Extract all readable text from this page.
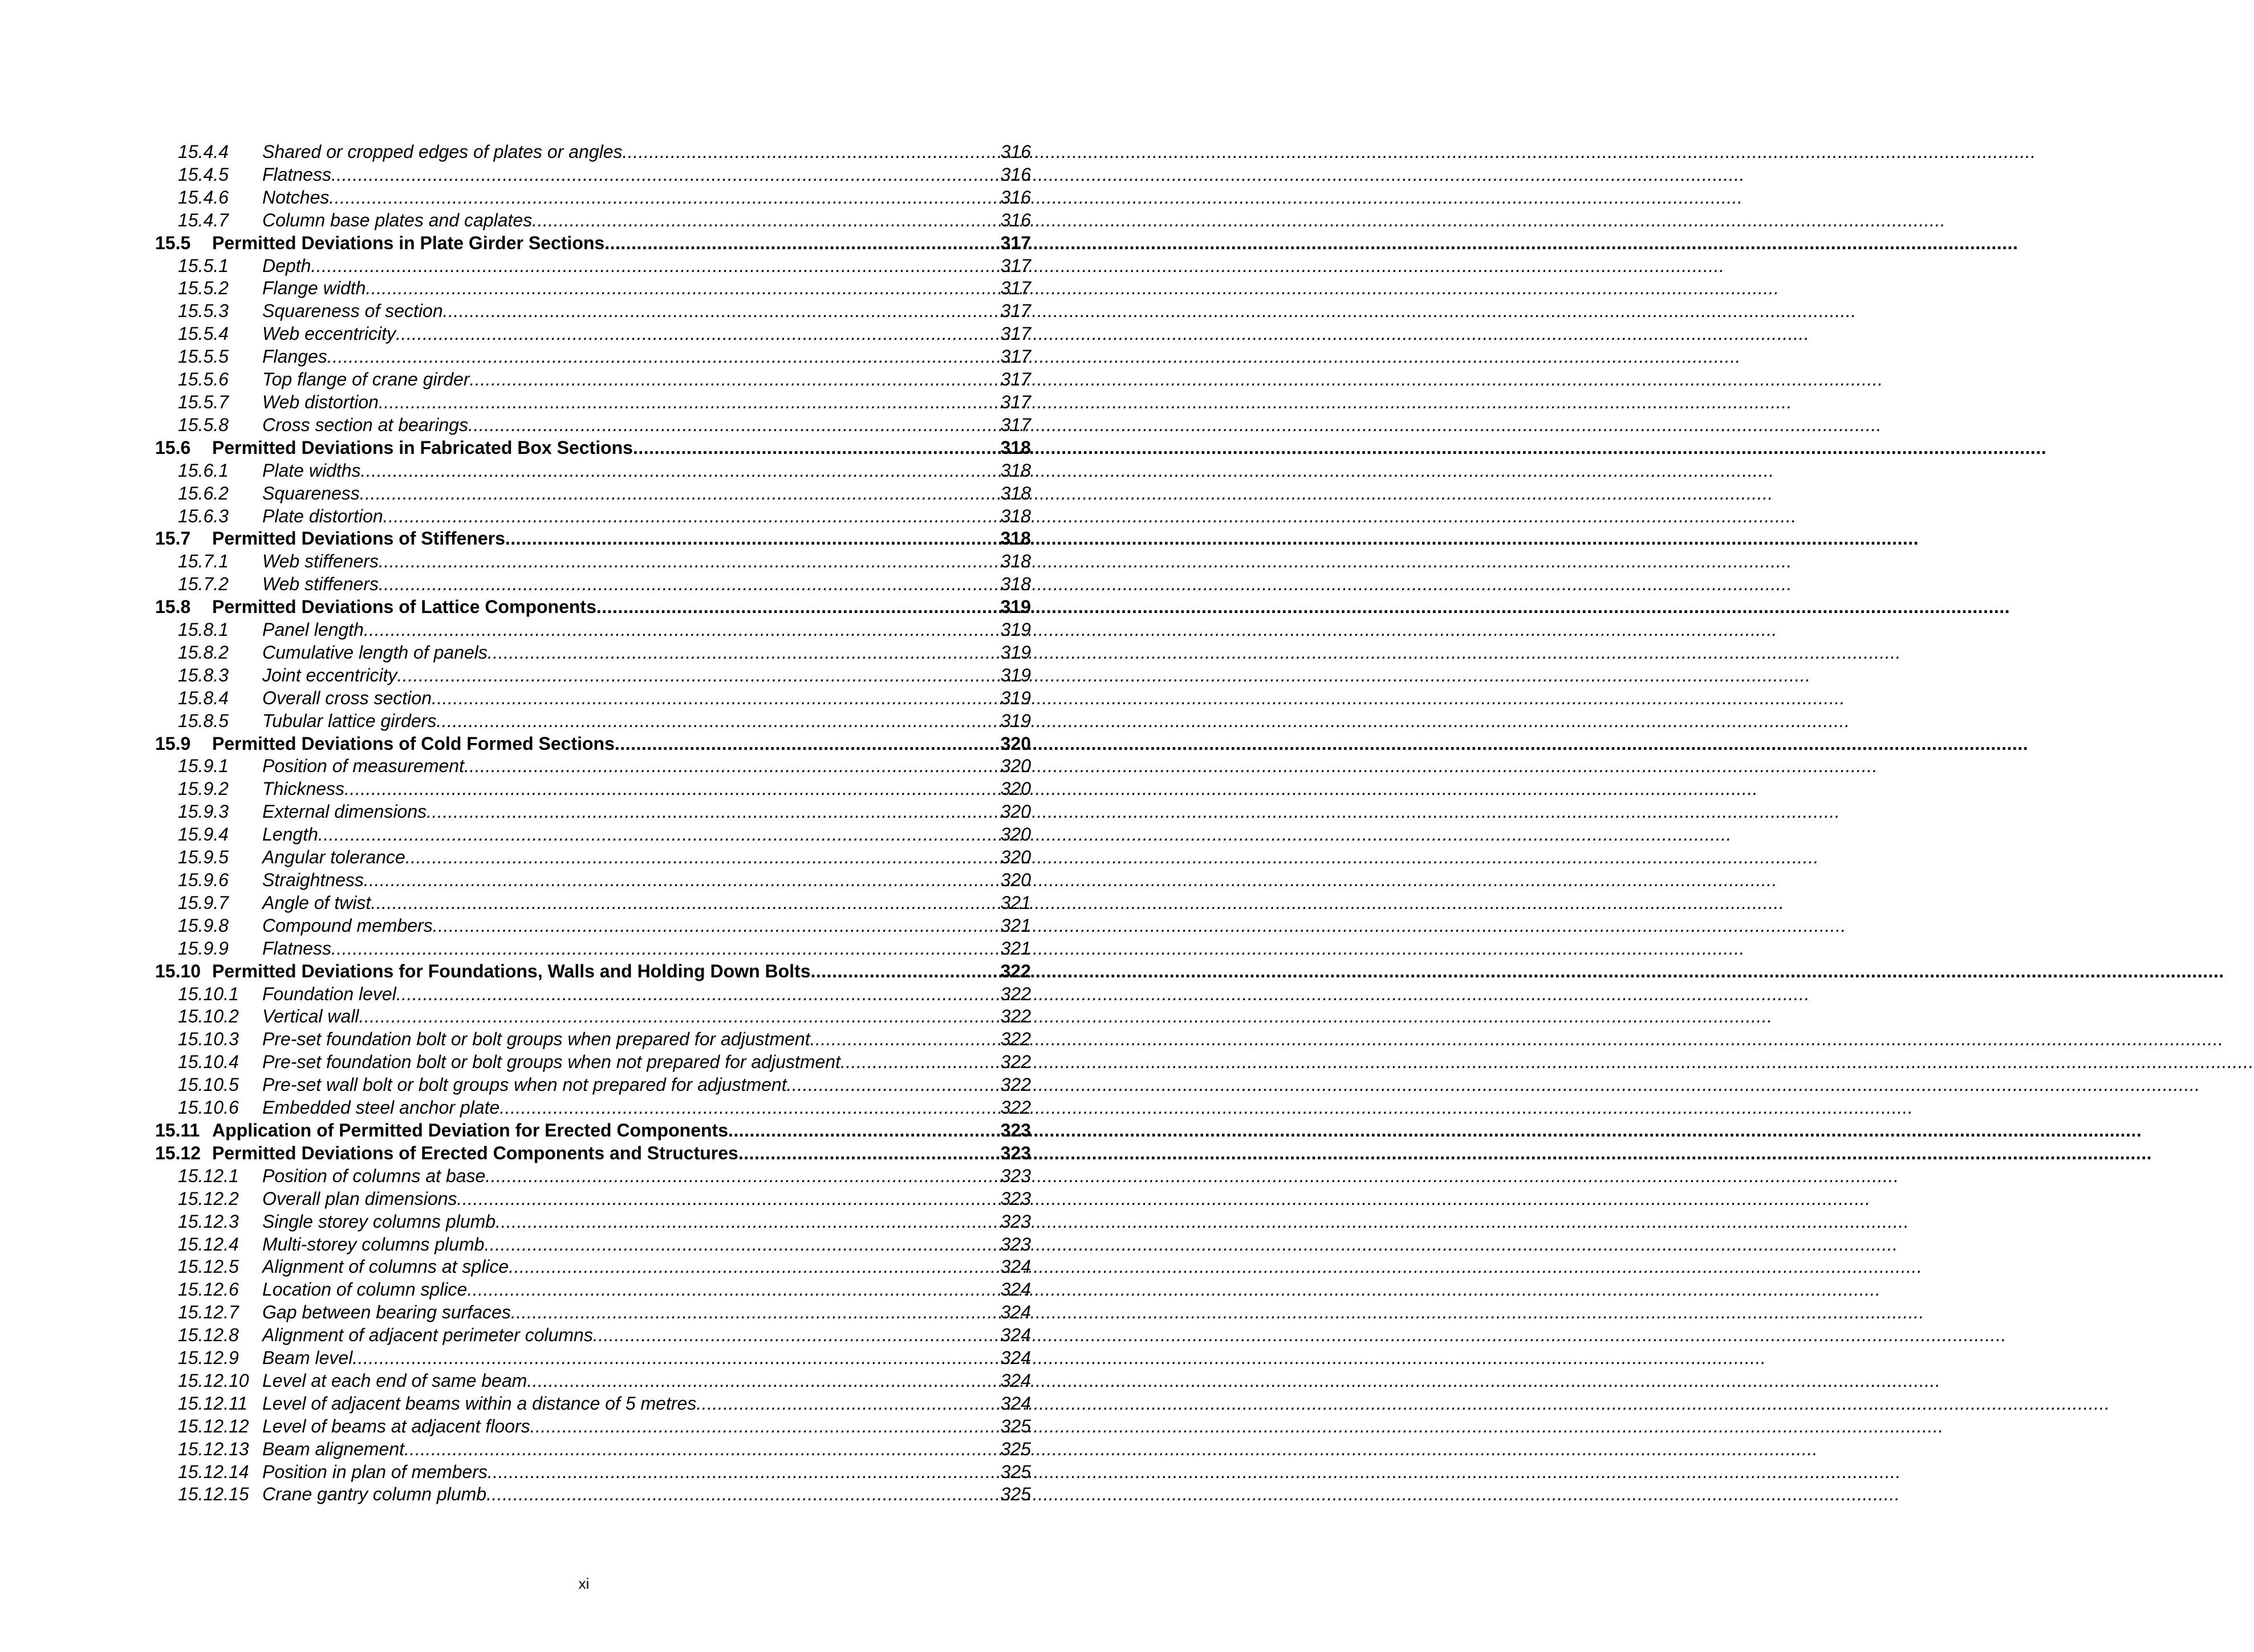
15.4.4	Shared or cropped edges of plates or angles .....	316
15.4.5	Flatness .....	316
15.4.6	Notches .....	316
15.4.7	Column base plates and caplates .....	316
15.5	Permitted Deviations in Plate Girder Sections .....	317
15.5.1	Depth .....	317
15.5.2	Flange width .....	317
15.5.3	Squareness of section .....	317
15.5.4	Web eccentricity .....	317
15.5.5	Flanges .....	317
15.5.6	Top flange of crane girder .....	317
15.5.7	Web distortion .....	317
15.5.8	Cross section at bearings .....	317
15.6	Permitted Deviations in Fabricated Box Sections .....	318
15.6.1	Plate widths .....	318
15.6.2	Squareness .....	318
15.6.3	Plate distortion .....	318
15.7	Permitted Deviations of Stiffeners .....	318
15.7.1	Web stiffeners .....	318
15.7.2	Web stiffeners .....	318
15.8	Permitted Deviations of Lattice Components .....	319
15.8.1	Panel length .....	319
15.8.2	Cumulative length of panels .....	319
15.8.3	Joint eccentricity .....	319
15.8.4	Overall cross section .....	319
15.8.5	Tubular lattice girders .....	319
15.9	Permitted Deviations of Cold Formed Sections .....	320
15.9.1	Position of measurement .....	320
15.9.2	Thickness .....	320
15.9.3	External dimensions .....	320
15.9.4	Length .....	320
15.9.5	Angular tolerance .....	320
15.9.6	Straightness .....	320
15.9.7	Angle of twist .....	321
15.9.8	Compound members .....	321
15.9.9	Flatness .....	321
15.10 Permitted Deviations for Foundations, Walls and Holding Down Bolts .....	322
15.10.1	Foundation level .....	322
15.10.2	Vertical wall .....	322
15.10.3	Pre-set foundation bolt or bolt groups when prepared for adjustment .....	322
15.10.4	Pre-set foundation bolt or bolt groups when not prepared for adjustment .....	322
15.10.5	Pre-set wall bolt or bolt groups when not prepared for adjustment .....	322
15.10.6	Embedded steel anchor plate .....	322
15.11 Application of Permitted Deviation for Erected Components .....	323
15.12 Permitted Deviations of Erected Components and Structures .....	323
15.12.1	Position of columns at base .....	323
15.12.2	Overall plan dimensions .....	323
15.12.3	Single storey columns plumb .....	323
15.12.4	Multi-storey columns plumb .....	323
15.12.5	Alignment of columns at splice .....	324
15.12.6	Location of column splice .....	324
15.12.7	Gap between bearing surfaces .....	324
15.12.8	Alignment of adjacent perimeter columns .....	324
15.12.9	Beam level .....	324
15.12.10 Level at each end of same beam .....	324
15.12.11 Level of adjacent beams within a distance of 5 metres .....	324
15.12.12 Level of beams at adjacent floors .....	325
15.12.13 Beam alignement .....	325
15.12.14 Position in plan of members .....	325
15.12.15 Crane gantry column plumb .....	325
xi
